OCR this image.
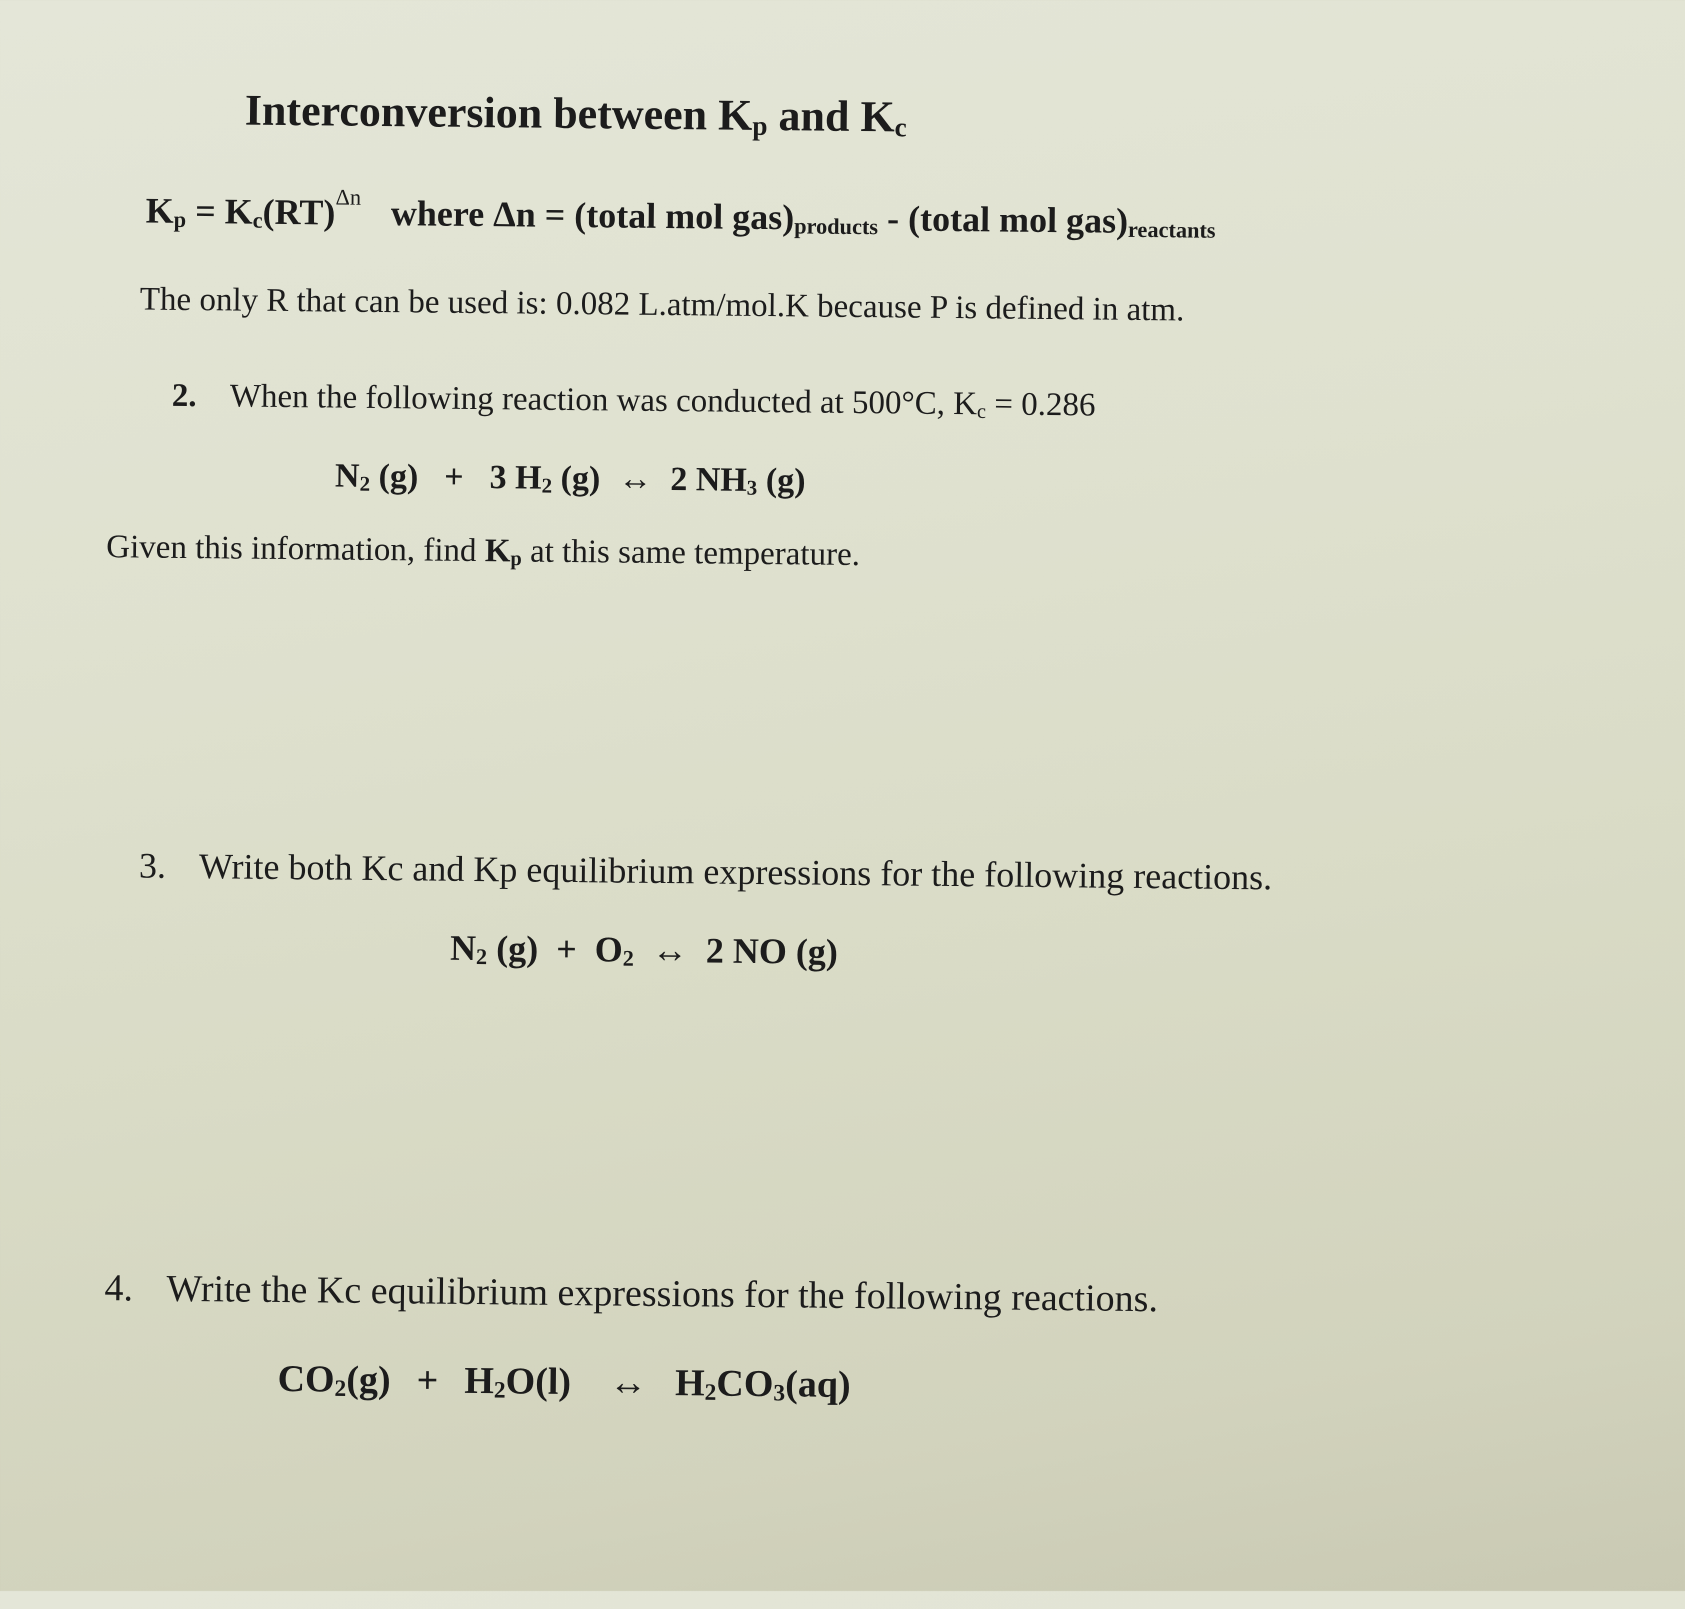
Interconversion between $K_p$ and $K_c$
$K_p = K_c(RT)^{\Delta n}$ where Δn = (total mol $gas)_{products}$ - (total mol $gas)_{reactants}$
The only R that can be used is: 0.082 L.atm/mol.K because P is defined in atm.
2. When the following reaction was conducted at 500°C, $K_c = 0.286$
$N_2$ (g) + 3 $H_2$ (g) ↔ 2 $NH_3$ (g)
Given this information, find $K_p$ at this same temperature.
3. Write both Kc and Kp equilibrium expressions for the following reactions.
$N_2$ $(g) + O_2$ ↔ 2 NO (g)
4. Write the Kc equilibrium expressions for the following reactions.
$CO_2(g) + H_2O(l)$ ↔ $H_2CO_3(aq)$
